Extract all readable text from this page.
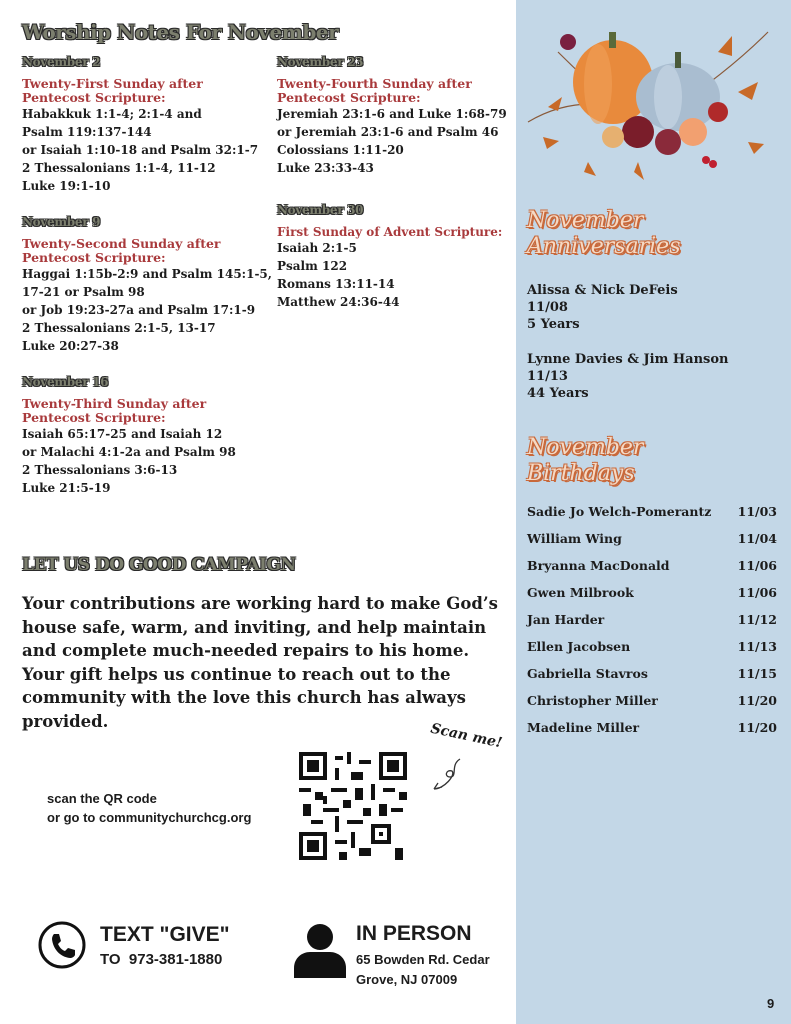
Worship Notes For November
November 2
Twenty-First Sunday after Pentecost Scripture:
Habakkuk 1:1-4; 2:1-4 and
Psalm 119:137-144
or Isaiah 1:10-18 and Psalm 32:1-7
2 Thessalonians 1:1-4, 11-12
Luke 19:1-10
November 9
Twenty-Second Sunday after Pentecost Scripture:
Haggai 1:15b-2:9 and Psalm 145:1-5,
17-21 or Psalm 98
or Job 19:23-27a and Psalm 17:1-9
2 Thessalonians 2:1-5, 13-17
Luke 20:27-38
November 16
Twenty-Third Sunday after Pentecost Scripture:
Isaiah 65:17-25 and Isaiah 12
or Malachi 4:1-2a and Psalm 98
2 Thessalonians 3:6-13
Luke 21:5-19
November 23
Twenty-Fourth Sunday after Pentecost Scripture:
Jeremiah 23:1-6 and Luke 1:68-79
or Jeremiah 23:1-6 and Psalm 46
Colossians 1:11-20
Luke 23:33-43
November 30
First Sunday of Advent Scripture:
Isaiah 2:1-5
Psalm 122
Romans 13:11-14
Matthew 24:36-44
LET US DO GOOD CAMPAIGN
Your contributions are working hard to make God’s house safe, warm, and inviting, and help maintain and complete much-needed repairs to his home. Your gift helps us continue to reach out to the community with the love this church has always provided.
scan the QR code
or go to communitychurchcg.org
Scan me!
TEXT "GIVE"
TO  973-381-1880
IN PERSON
65 Bowden Rd. Cedar
Grove, NJ 07009
November
Anniversaries
Alissa & Nick DeFeis
11/08
5 Years
Lynne Davies & Jim Hanson
11/13
44 Years
November
Birthdays
Sadie Jo Welch-Pomerantz 11/03
William Wing	11/04
Bryanna MacDonald	11/06
Gwen Milbrook	11/06
Jan Harder	11/12
Ellen Jacobsen	11/13
Gabriella Stavros	11/15
Christopher Miller	11/20
Madeline Miller	11/20
9
